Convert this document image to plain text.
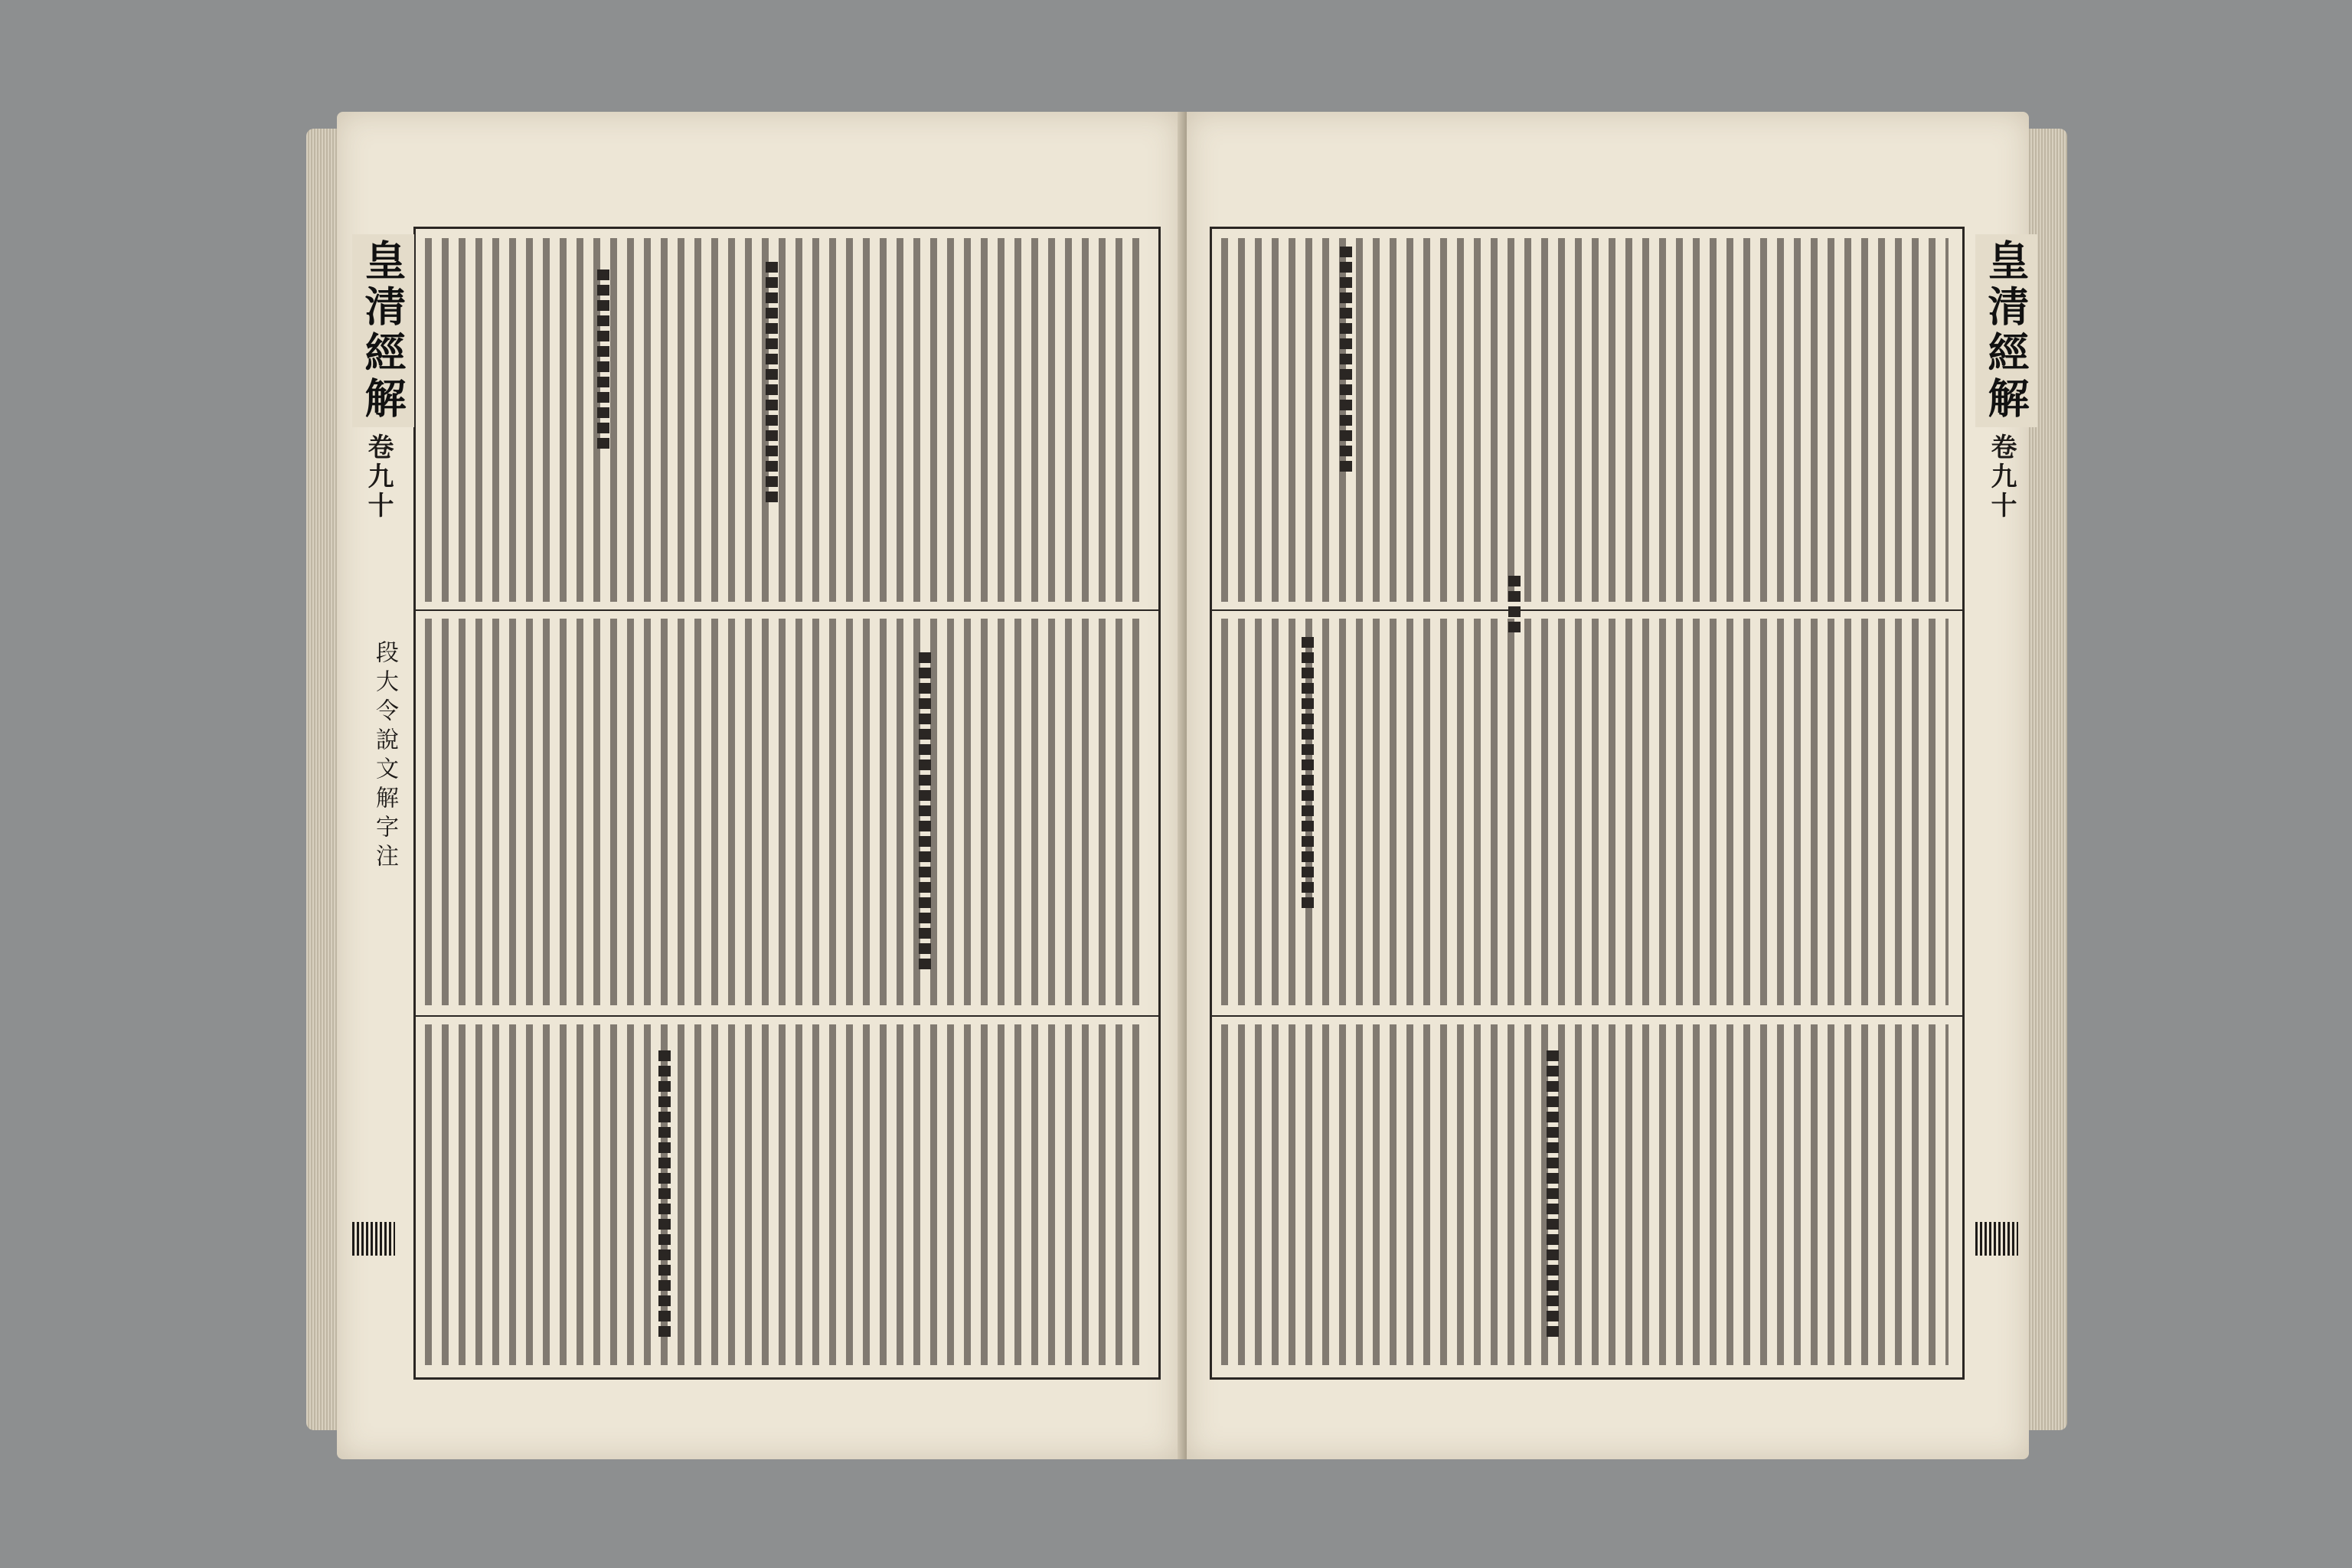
皇清經解
卷九十
段大令說文解字注
皇清經解
卷九十
